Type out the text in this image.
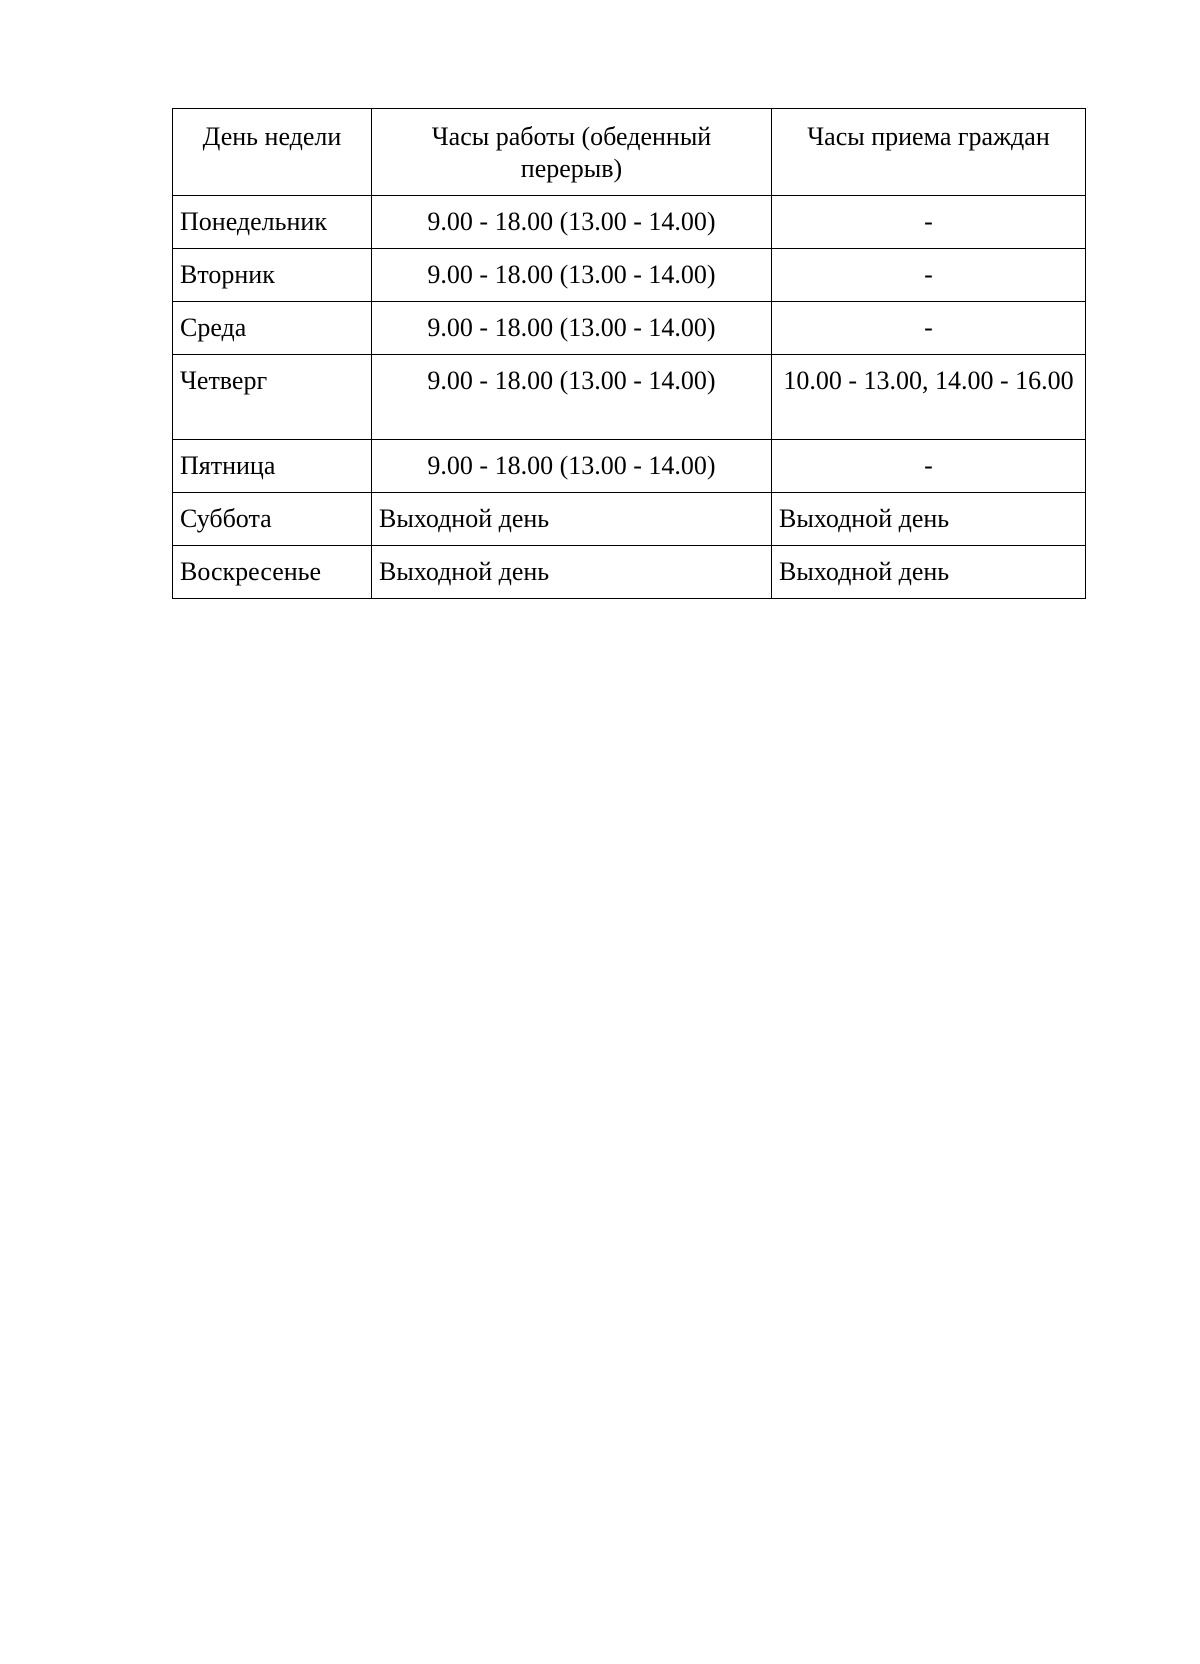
День недели	Часы работы (обеденный перерыв)	Часы приема граждан
Понедельник	9.00 - 18.00 (13.00 - 14.00)	-
Вторник	9.00 - 18.00 (13.00 - 14.00)	-
Среда	9.00 - 18.00 (13.00 - 14.00)	-
Четверг	9.00 - 18.00 (13.00 - 14.00)	10.00 - 13.00, 14.00 - 16.00
Пятница	9.00 - 18.00 (13.00 - 14.00)	-
Суббота	Выходной день	Выходной день
Воскресенье	Выходной день	Выходной день
